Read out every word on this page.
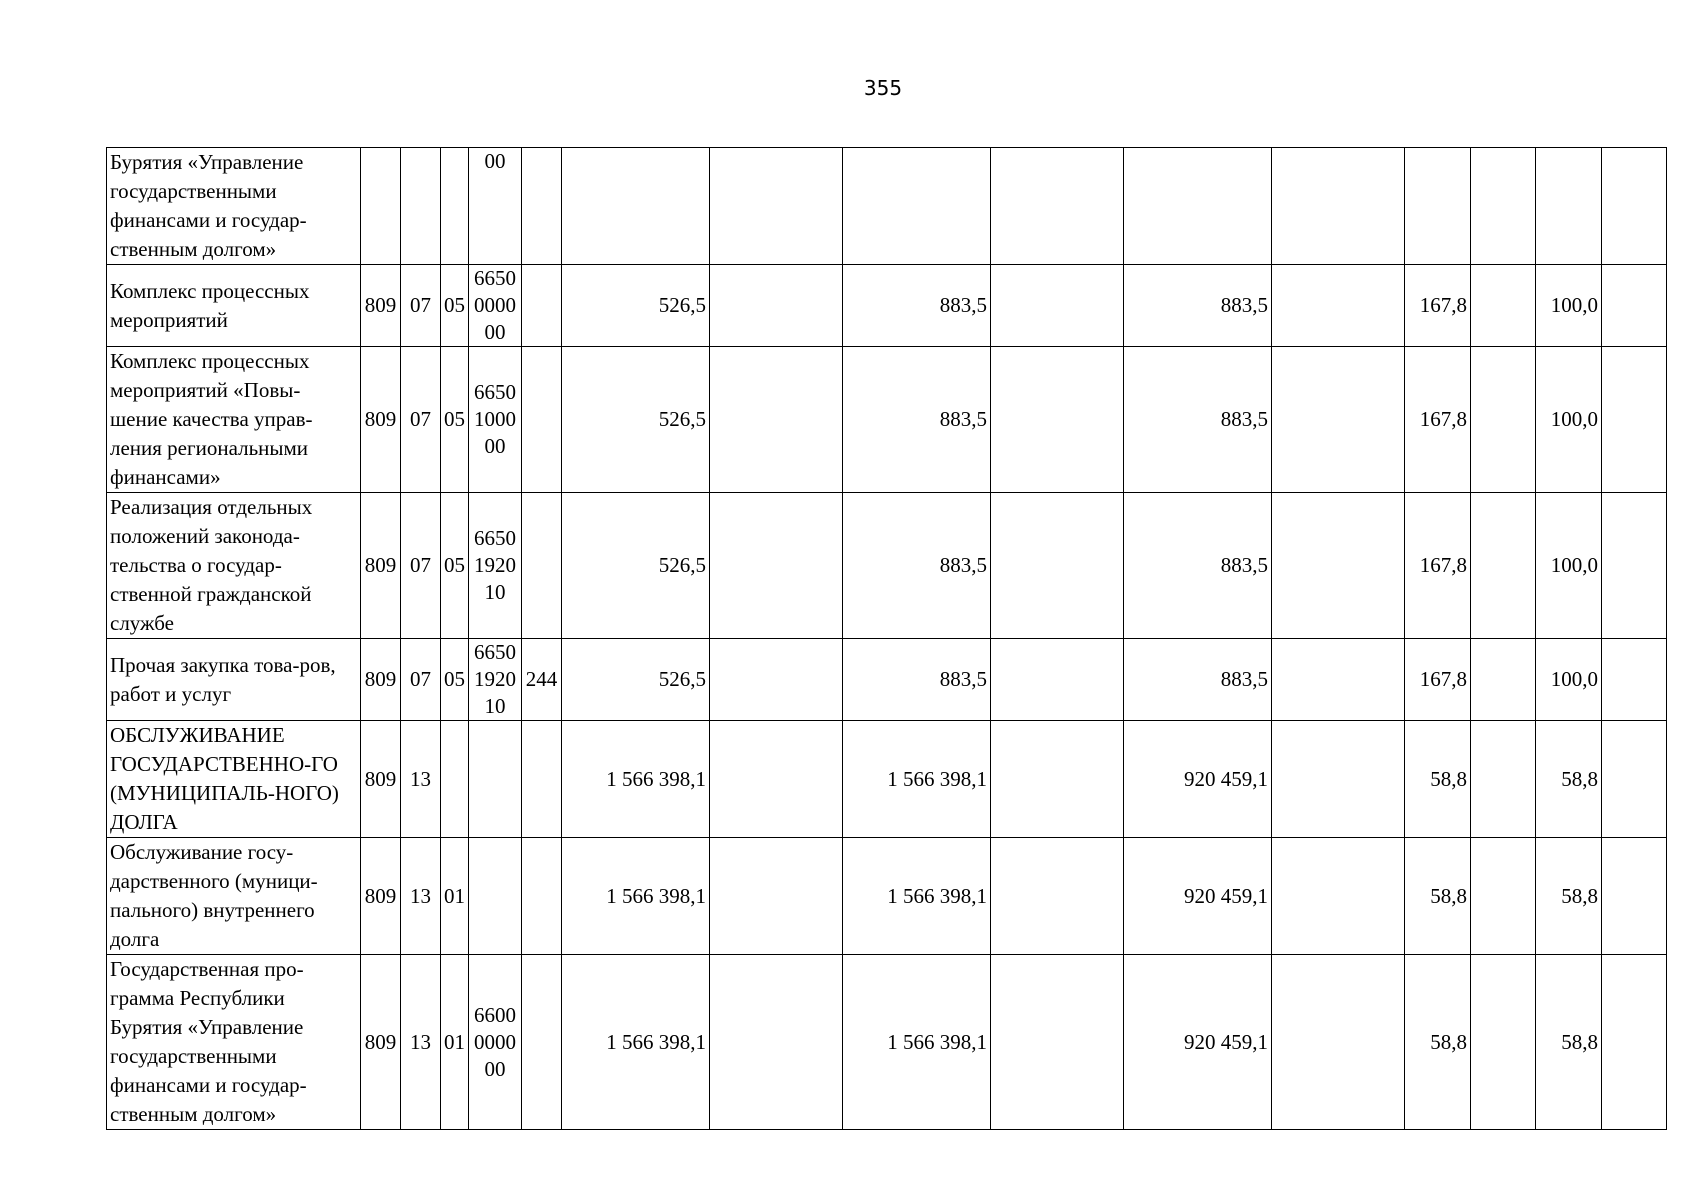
355
Бурятия «Управление государственными финансами и государ-ственным долгом»				00											
Комплекс процессных мероприятий	809	07	05	6650 0000 00		526,5		883,5		883,5		167,8		100,0	
Комплекс процессных мероприятий «Повы-шение качества управ-ления региональными финансами»	809	07	05	6650 1000 00		526,5		883,5		883,5		167,8		100,0	
Реализация отдельных положений законода-тельства о государ-ственной гражданской службе	809	07	05	6650 1920 10		526,5		883,5		883,5		167,8		100,0	
Прочая закупка това-ров, работ и услуг	809	07	05	6650 1920 10	244	526,5		883,5		883,5		167,8		100,0	
ОБСЛУЖИВАНИЕ ГОСУДАРСТВЕННО-ГО (МУНИЦИПАЛЬ-НОГО) ДОЛГА	809	13				1 566 398,1		1 566 398,1		920 459,1		58,8		58,8	
Обслуживание госу-дарственного (муници-пального) внутреннего долга	809	13	01			1 566 398,1		1 566 398,1		920 459,1		58,8		58,8	
Государственная про-грамма Республики Бурятия «Управление государственными финансами и государ-ственным долгом»	809	13	01	6600 0000 00		1 566 398,1		1 566 398,1		920 459,1		58,8		58,8	
